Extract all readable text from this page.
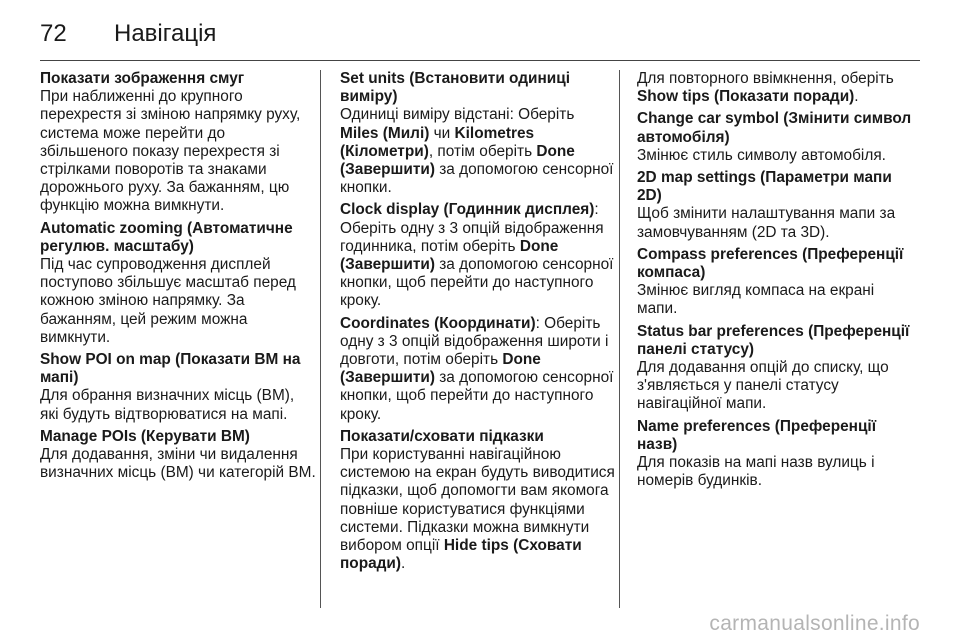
72	Навігація

Показати зображення смуг

При наближенні до крупного перехрестя зі зміною напрямку руху, система може перейти до збільшеного показу перехрестя зі стрілками поворотів та знаками дорожнього руху. За бажанням, цю функцію можна вимкнути.

Automatic zooming (Автоматичне регулюв. масштабу)

Під час супроводження дисплей поступово збільшує масштаб перед кожною зміною напрямку. За бажанням, цей режим можна вимкнути.

Show POI on map (Показати ВМ на мапі)

Для обрання визначних місць (ВМ), які будуть відтворюватися на мапі.

Manage POIs (Керувати ВМ)

Для додавання, зміни чи видалення визначних місць (ВМ) чи категорій ВМ.

Set units (Встановити одиниці виміру)

Одиниці виміру відстані: Оберіть Miles (Милі) чи Kilometres (Кілометри), потім оберіть Done (Завершити) за допомогою сенсорної кнопки.

Clock display (Годинник дисплея): Оберіть одну з 3 опцій відображення годинника, потім оберіть Done (Завершити) за допомогою сенсорної кнопки, щоб перейти до наступного кроку.

Coordinates (Координати): Оберіть одну з 3 опцій відображення широти і довготи, потім оберіть Done (Завершити) за допомогою сенсорної кнопки, щоб перейти до наступного кроку.

Показати/сховати підказки

При користуванні навігаційною системою на екран будуть виводитися підказки, щоб допомогти вам якомога повніше користуватися функціями системи. Підказки можна вимкнути вибором опції Hide tips (Сховати поради).

Для повторного ввімкнення, оберіть Show tips (Показати поради).

Change car symbol (Змінити символ автомобіля)

Змінює стиль символу автомобіля.

2D map settings (Параметри мапи 2D)

Щоб змінити налаштування мапи за замовчуванням (2D та 3D).

Compass preferences (Преференції компаса)

Змінює вигляд компаса на екрані мапи.

Status bar preferences (Преференції панелі статусу)

Для додавання опцій до списку, що з'являється у панелі статусу навігаційної мапи.

Name preferences (Преференції назв)

Для показів на мапі назв вулиць і номерів будинків.

carmanualsonline.info
